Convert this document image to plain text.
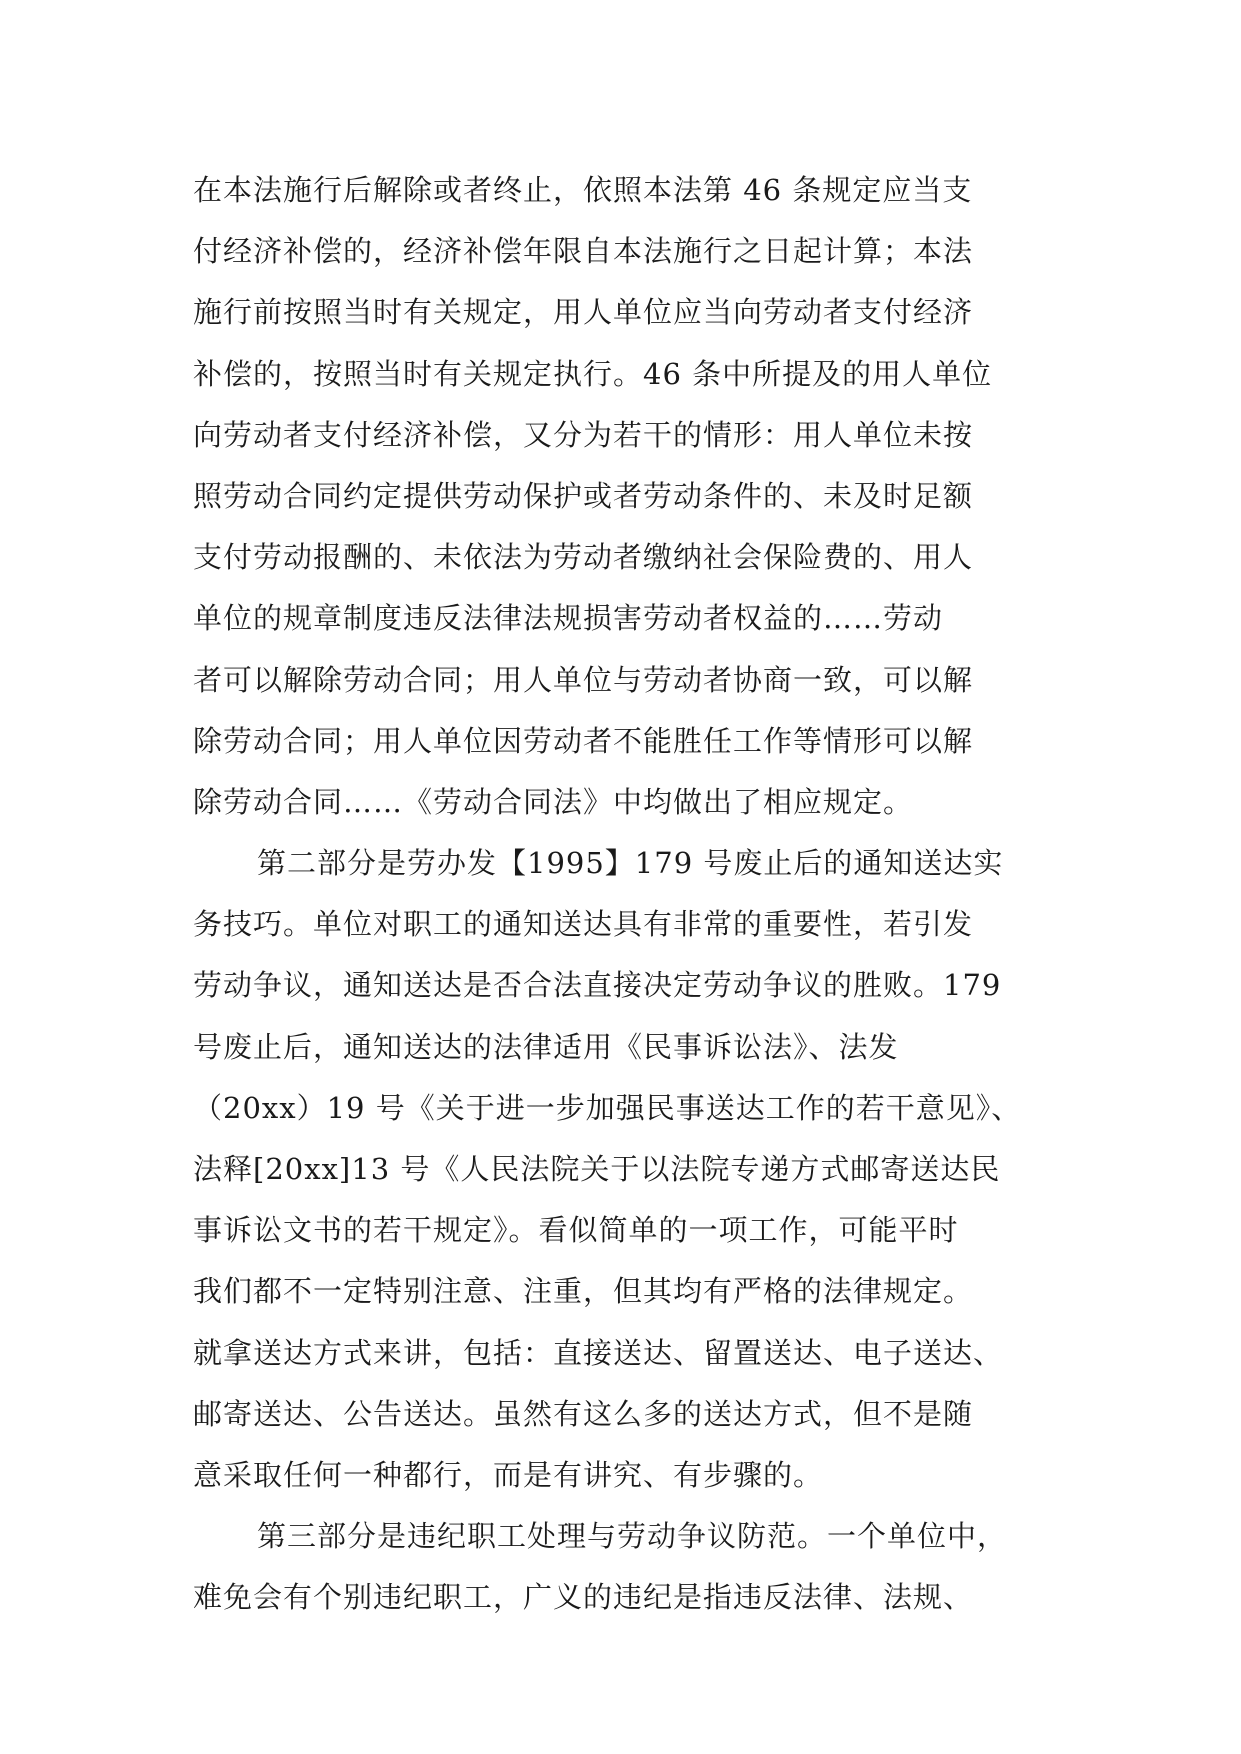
在本法施行后解除或者终止，依照本法第 46 条规定应当支
付经济补偿的，经济补偿年限自本法施行之日起计算；本法
施行前按照当时有关规定，用人单位应当向劳动者支付经济
补偿的，按照当时有关规定执行。46 条中所提及的用人单位
向劳动者支付经济补偿，又分为若干的情形：用人单位未按
照劳动合同约定提供劳动保护或者劳动条件的、未及时足额
支付劳动报酬的、未依法为劳动者缴纳社会保险费的、用人
单位的规章制度违反法律法规损害劳动者权益的……劳动
者可以解除劳动合同；用人单位与劳动者协商一致，可以解
除劳动合同；用人单位因劳动者不能胜任工作等情形可以解
除劳动合同……《劳动合同法》中均做出了相应规定。
第二部分是劳办发【1995】179 号废止后的通知送达实
务技巧。单位对职工的通知送达具有非常的重要性，若引发
劳动争议，通知送达是否合法直接决定劳动争议的胜败。179
号废止后，通知送达的法律适用《民事诉讼法》、法发
（20xx）19 号《关于进一步加强民事送达工作的若干意见》、
法释[20xx]13 号《人民法院关于以法院专递方式邮寄送达民
事诉讼文书的若干规定》。看似简单的一项工作，可能平时
我们都不一定特别注意、注重，但其均有严格的法律规定。
就拿送达方式来讲，包括：直接送达、留置送达、电子送达、
邮寄送达、公告送达。虽然有这么多的送达方式，但不是随
意采取任何一种都行，而是有讲究、有步骤的。
第三部分是违纪职工处理与劳动争议防范。一个单位中，
难免会有个别违纪职工，广义的违纪是指违反法律、法规、
